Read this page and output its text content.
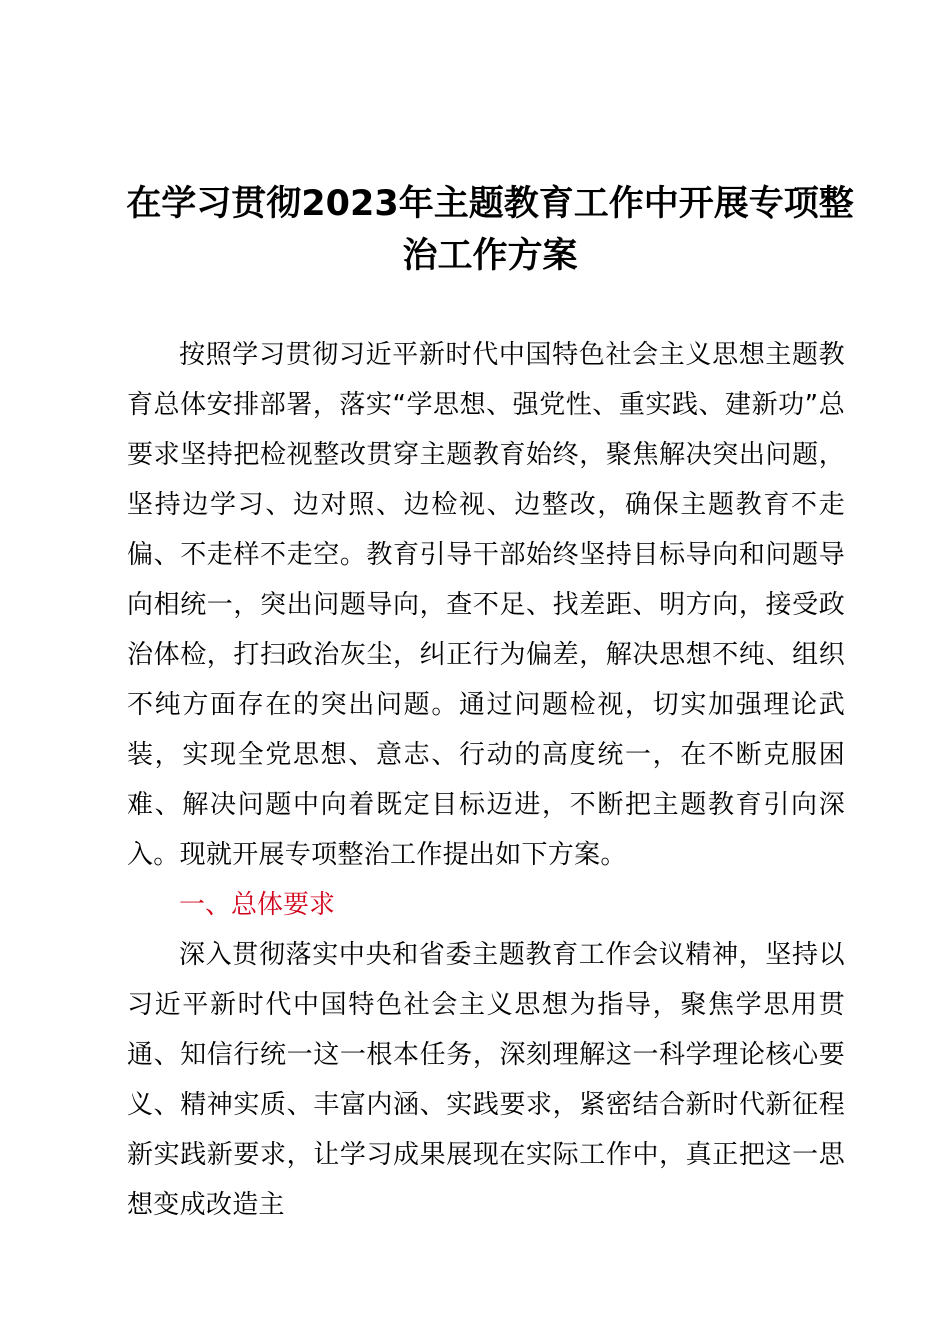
在学习贯彻2023年主题教育工作中开展专项整治工作方案

按照学习贯彻习近平新时代中国特色社会主义思想主题教育总体安排部署，落实“学思想、强党性、重实践、建新功”总要求坚持把检视整改贯穿主题教育始终，聚焦解决突出问题，坚持边学习、边对照、边检视、边整改，确保主题教育不走偏、不走样不走空。教育引导干部始终坚持目标导向和问题导向相统一，突出问题导向，查不足、找差距、明方向，接受政治体检，打扫政治灰尘，纠正行为偏差，解决思想不纯、组织不纯方面存在的突出问题。通过问题检视，切实加强理论武装，实现全党思想、意志、行动的高度统一，在不断克服困难、解决问题中向着既定目标迈进，不断把主题教育引向深入。现就开展专项整治工作提出如下方案。

一、总体要求

深入贯彻落实中央和省委主题教育工作会议精神，坚持以习近平新时代中国特色社会主义思想为指导，聚焦学思用贯通、知信行统一这一根本任务，深刻理解这一科学理论核心要义、精神实质、丰富内涵、实践要求，紧密结合新时代新征程新实践新要求，让学习成果展现在实际工作中，真正把这一思想变成改造主
